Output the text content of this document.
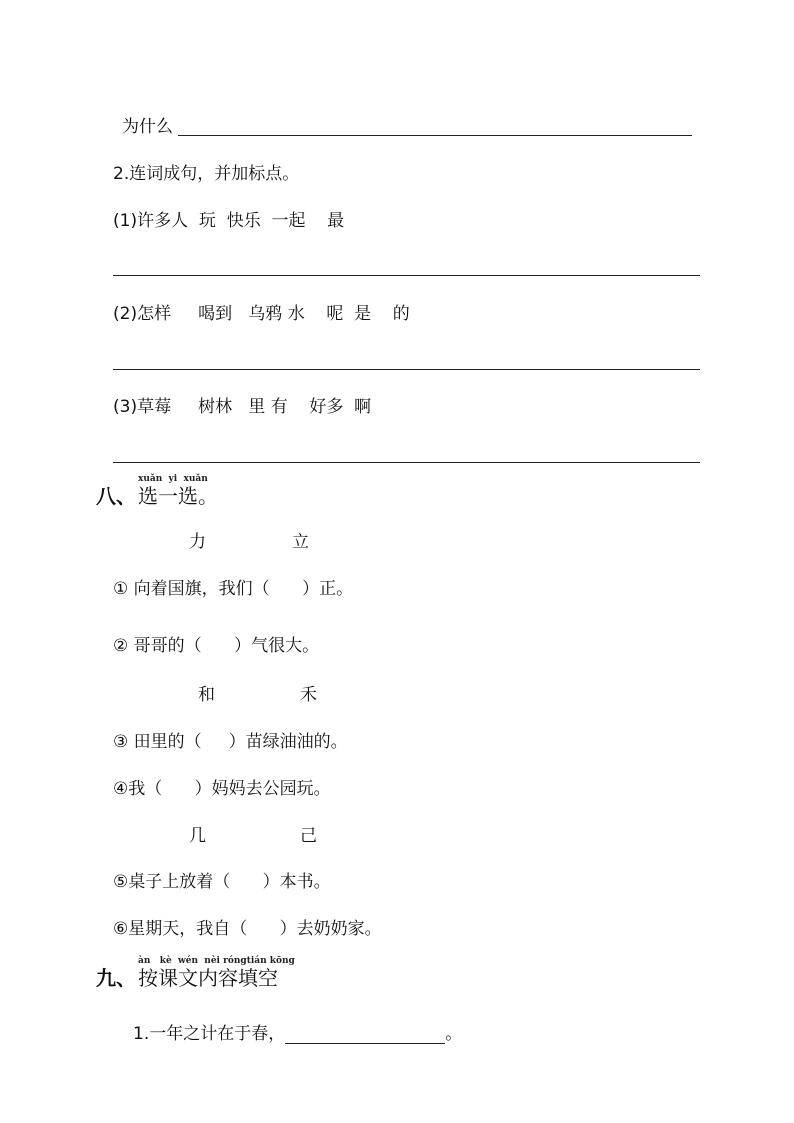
为什么
2.连词成句，并加标点。
(1)许多人  玩  快乐  一起    最
(2)怎样     喝到   乌鸦 水    呢  是    的
(3)草莓     树林   里 有    好多  啊
xuǎn  yi  xuǎn
八、 选一选。
力	立
① 向着国旗，我们（      ）正。
② 哥哥的（      ）气很大。
和	禾
③ 田里的（     ）苗绿油油的。
④我（      ）妈妈去公园玩。
几	己
⑤桌子上放着（      ）本书。
⑥星期天，我自（      ）去奶奶家。
àn   kè  wén  nèi róngtián kōng
九、 按课文内容填空
1.一年之计在于春，	。
